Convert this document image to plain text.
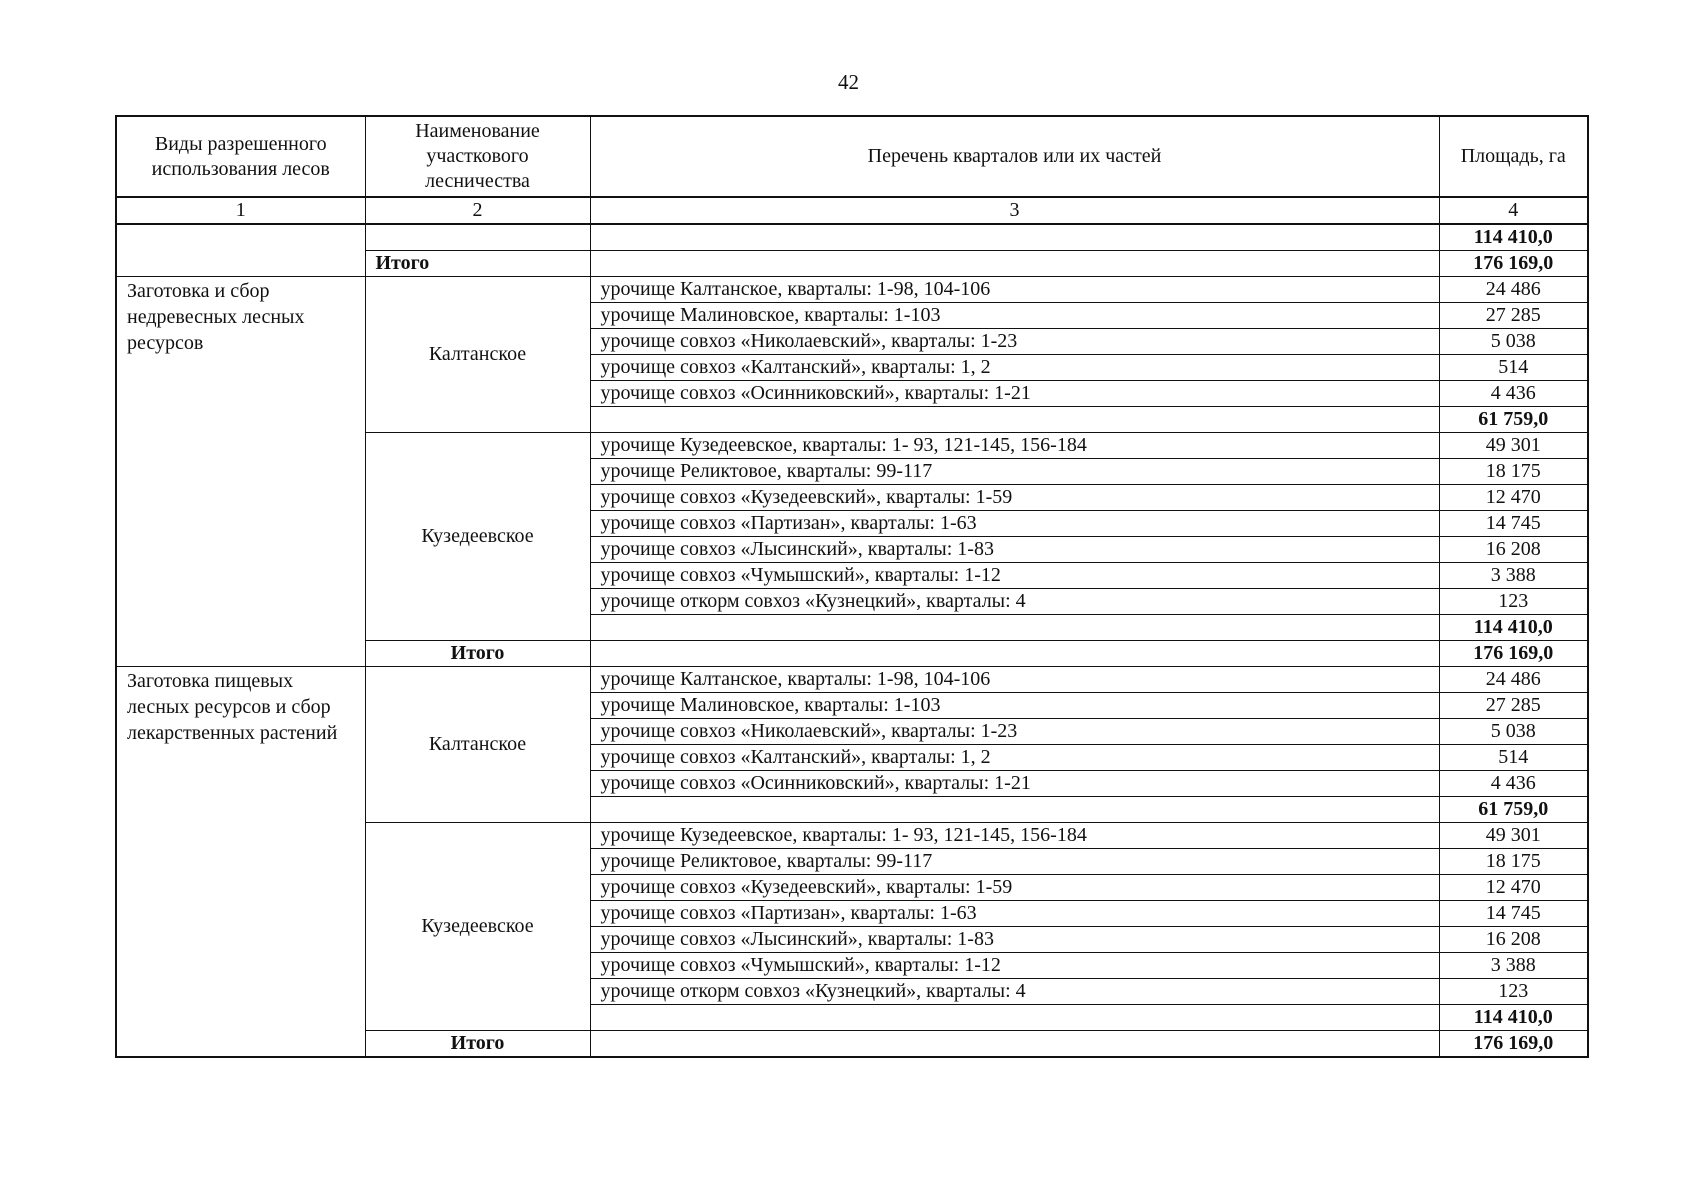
42
Виды разрешенного использования лесов	Наименование участкового лесничества	Перечень кварталов или их частей	Площадь, га
1	2	3	4
			114 410,0
	Итого		176 169,0
Заготовка и сбор недревесных лесных ресурсов	Калтанское	урочище Калтанское, кварталы: 1-98, 104-106	24 486
		урочище Малиновское, кварталы: 1-103	27 285
		урочище совхоз «Николаевский», кварталы: 1-23	5 038
		урочище совхоз «Калтанский», кварталы: 1, 2	514
		урочище совхоз «Осинниковский», кварталы: 1-21	4 436
			61 759,0
	Кузедеевское	урочище Кузедеевское, кварталы: 1- 93, 121-145, 156-184	49 301
		урочище Реликтовое, кварталы: 99-117	18 175
		урочище совхоз «Кузедеевский», кварталы: 1-59	12 470
		урочище совхоз «Партизан», кварталы: 1-63	14 745
		урочище совхоз «Лысинский», кварталы: 1-83	16 208
		урочище совхоз «Чумышский», кварталы: 1-12	3 388
		урочище откорм совхоз «Кузнецкий», кварталы: 4	123
			114 410,0
	Итого		176 169,0
Заготовка пищевых лесных ресурсов и сбор лекарственных растений	Калтанское	урочище Калтанское, кварталы: 1-98, 104-106	24 486
		урочище Малиновское, кварталы: 1-103	27 285
		урочище совхоз «Николаевский», кварталы: 1-23	5 038
		урочище совхоз «Калтанский», кварталы: 1, 2	514
		урочище совхоз «Осинниковский», кварталы: 1-21	4 436
			61 759,0
	Кузедеевское	урочище Кузедеевское, кварталы: 1- 93, 121-145, 156-184	49 301
		урочище Реликтовое, кварталы: 99-117	18 175
		урочище совхоз «Кузедеевский», кварталы: 1-59	12 470
		урочище совхоз «Партизан», кварталы: 1-63	14 745
		урочище совхоз «Лысинский», кварталы: 1-83	16 208
		урочище совхоз «Чумышский», кварталы: 1-12	3 388
		урочище откорм совхоз «Кузнецкий», кварталы: 4	123
			114 410,0
	Итого		176 169,0
